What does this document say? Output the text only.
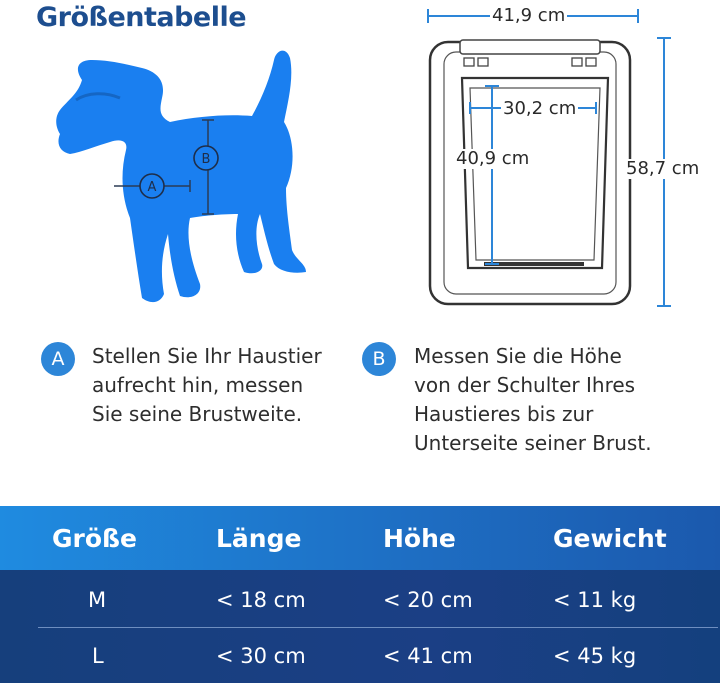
Größentabelle
B
A
41,9 cm
58,7 cm
30,2 cm
40,9 cm
A	Stellen Sie Ihr Haustier
aufrecht hin, messen
Sie seine Brustweite.
B	Messen Sie die Höhe
von der Schulter Ihres
Haustieres bis zur
Unterseite seiner Brust.
Größe	Länge	Höhe	Gewicht
M	< 18 cm	< 20 cm	< 11 kg
L	< 30 cm	< 41 cm	< 45 kg
